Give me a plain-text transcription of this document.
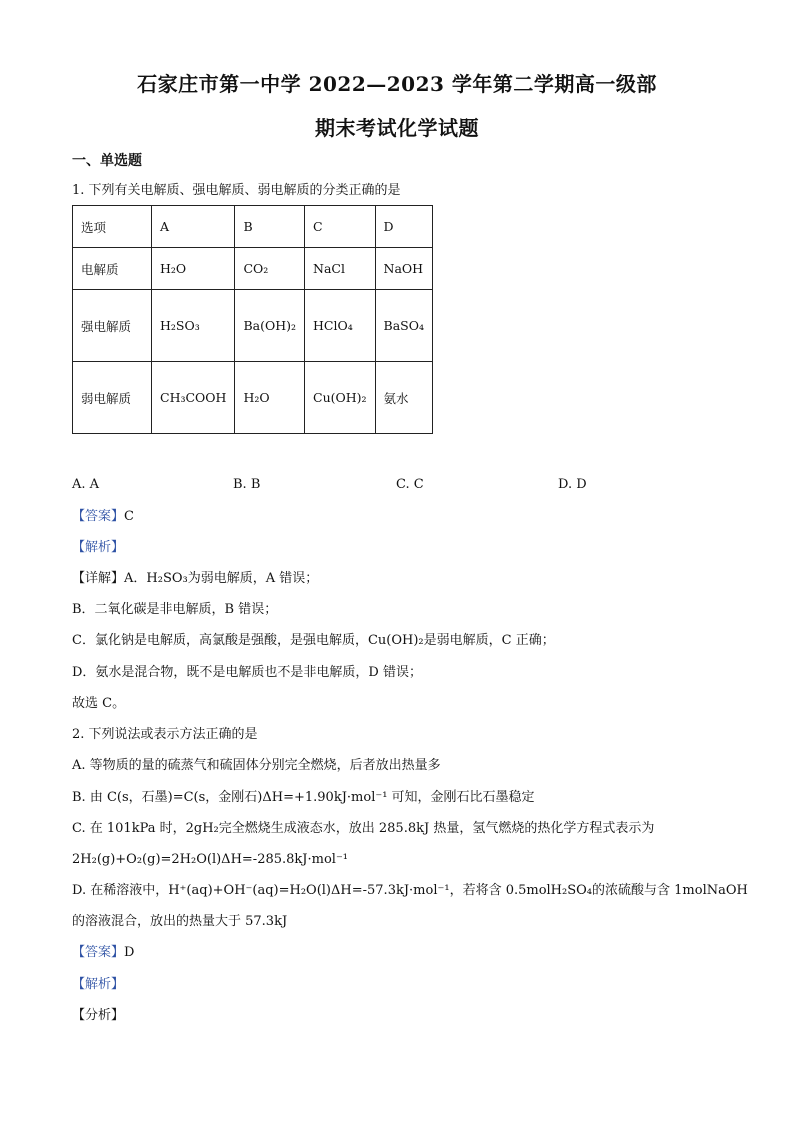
石家庄市第一中学 2022—2023 学年第二学期高一级部
期末考试化学试题
一、单选题
1. 下列有关电解质、强电解质、弱电解质的分类正确的是
选项	A	B	C	D
电解质	H₂O	CO₂	NaCl	NaOH
强电解质	H₂SO₃	Ba(OH)₂	HClO₄	BaSO₄
弱电解质	CH₃COOH	H₂O	Cu(OH)₂	氨水
A. A	B. B	C. C	D. D
【答案】C
【解析】
【详解】A．H₂SO₃为弱电解质，A 错误；
B．二氧化碳是非电解质，B 错误；
C．氯化钠是电解质，高氯酸是强酸，是强电解质，Cu(OH)₂是弱电解质，C 正确；
D．氨水是混合物，既不是电解质也不是非电解质，D 错误；
故选 C。
2. 下列说法或表示方法正确的是
A. 等物质的量的硫蒸气和硫固体分别完全燃烧，后者放出热量多
B. 由 C(s，石墨)=C(s，金刚石)ΔH=+1.90kJ·mol⁻¹ 可知，金刚石比石墨稳定
C. 在 101kPa 时，2gH₂完全燃烧生成液态水，放出 285.8kJ 热量，氢气燃烧的热化学方程式表示为
2H₂(g)+O₂(g)=2H₂O(l)ΔH=-285.8kJ·mol⁻¹
D. 在稀溶液中，H⁺(aq)+OH⁻(aq)=H₂O(l)ΔH=-57.3kJ·mol⁻¹，若将含 0.5molH₂SO₄的浓硫酸与含 1molNaOH
的溶液混合，放出的热量大于 57.3kJ
【答案】D
【解析】
【分析】
